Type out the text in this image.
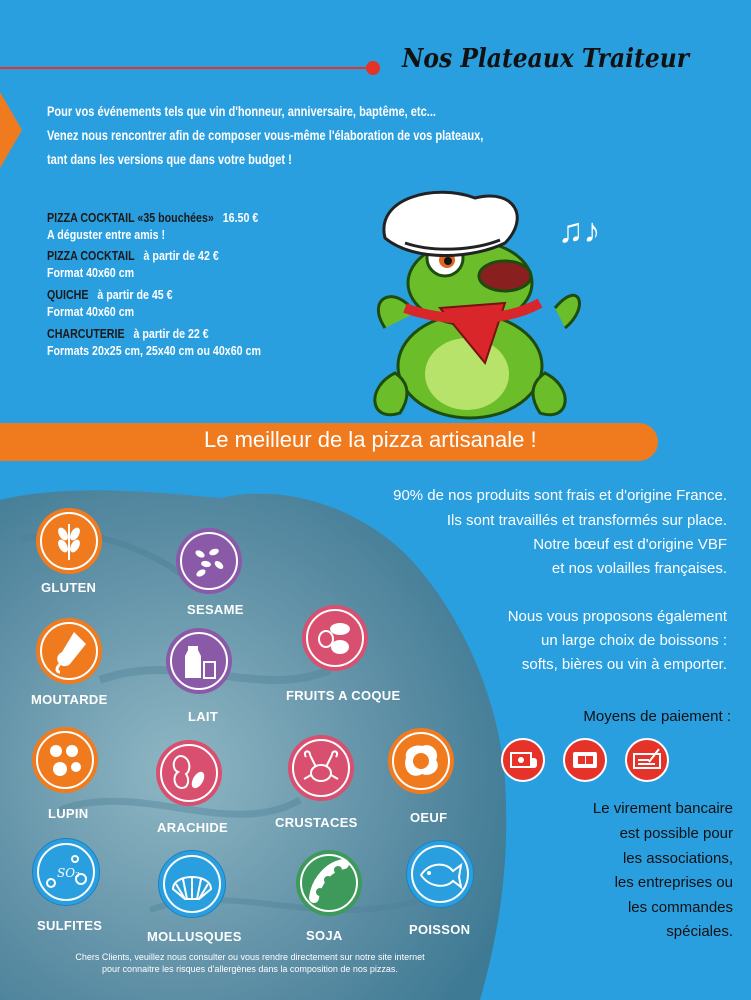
Nos Plateaux Traiteur
Pour vos événements tels que vin d'honneur, anniversaire, baptême, etc...
Venez nous rencontrer afin de composer vous-même l'élaboration de vos plateaux,
tant dans les versions que dans votre budget !
PIZZA COCKTAIL «35 bouchées» 16.50 €
A déguster entre amis !
PIZZA COCKTAIL à partir de 42 €
Format 40x60 cm
QUICHE à partir de 45 €
Format 40x60 cm
CHARCUTERIE à partir de 22 €
Formats 20x25 cm, 25x40 cm ou 40x60 cm
♫♪
Le meilleur de la pizza artisanale !
90% de nos produits sont frais et d'origine France.
Ils sont travaillés et transformés sur place.
Notre bœuf est d'origine VBF
et nos volailles françaises.
Nous vous proposons également
un large choix de boissons :
softs, bières ou vin à emporter.
Moyens de paiement :
Le virement bancaire
est possible pour
les associations,
les entreprises ou
les commandes
spéciales.
GLUTEN
SESAME
MOUTARDE
LAIT
FRUITS A COQUE
LUPIN
ARACHIDE	CRUSTACES	OEUF
SO₂
SULFITES
MOLLUSQUES	SOJA	POISSON
Chers Clients, veuillez nous consulter ou vous rendre directement sur notre site internet
pour connaitre les risques d'allergènes dans la composition de nos pizzas.
